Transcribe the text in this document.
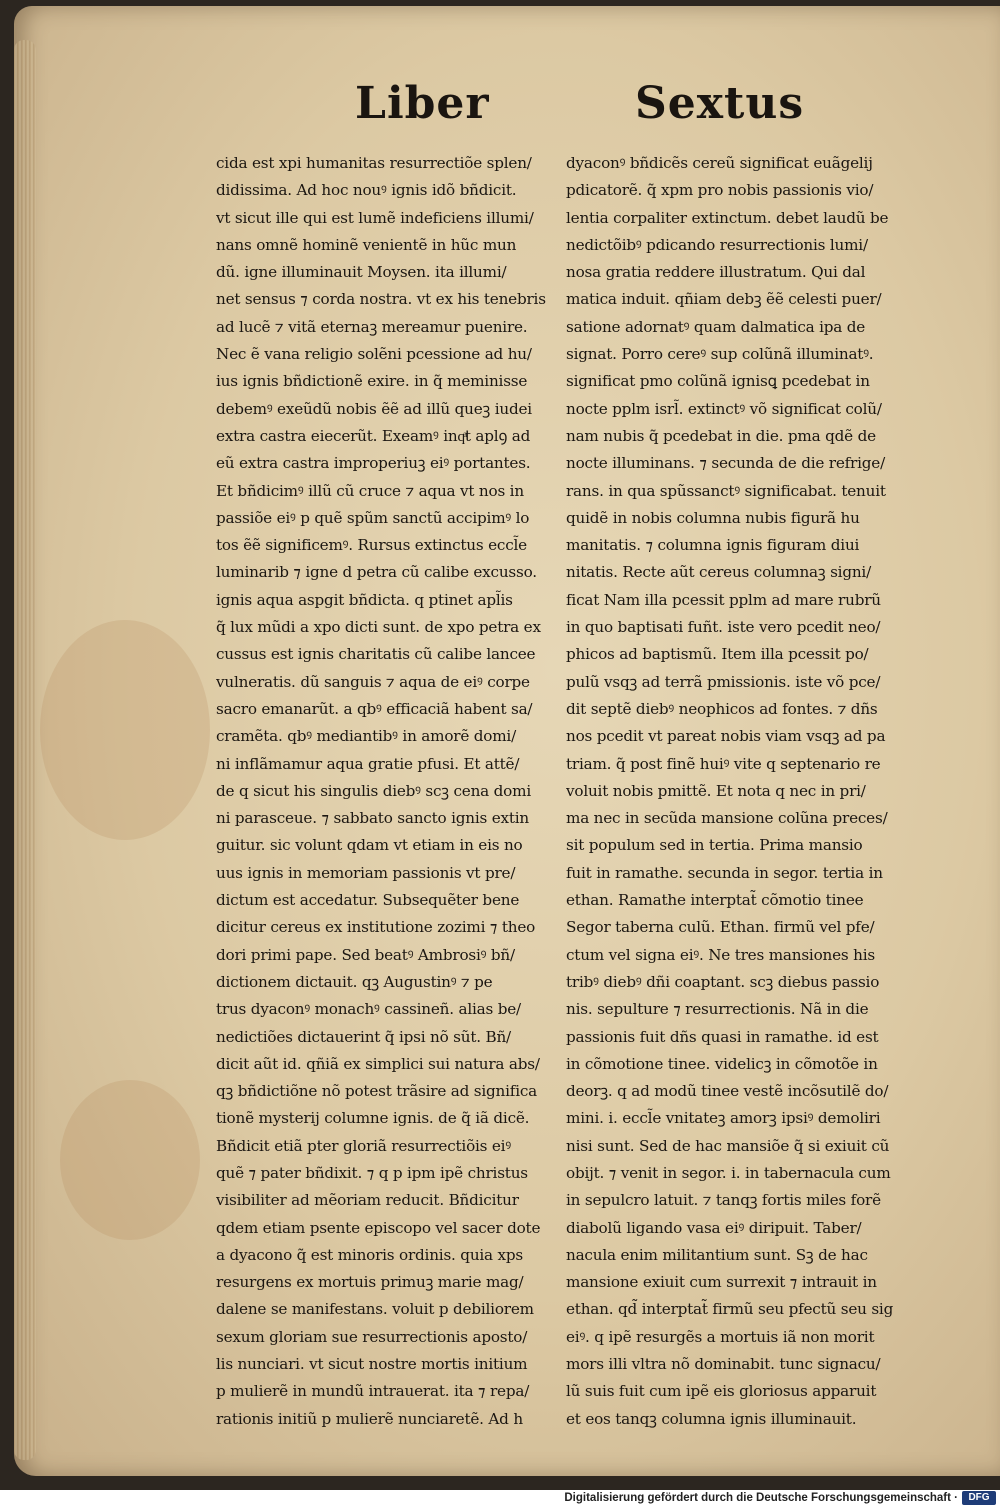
Liber	Sextus
cida est xpi humanitas resurrectiõe splen/
didissima. Ad hoc nouꝰ ignis idõ bñdicit.
vt sicut ille qui est lumẽ indeficiens illumi/
nans omnẽ hominẽ venientẽ in hũc mun
dũ. igne illuminauit Moysen. ita illumi/
net sensus ⁊ corda nostra. vt ex his tenebris
ad lucẽ ⁊ vitã eternaꝫ mereamur puenire.
Nec ẽ vana religio solẽni pcessione ad hu/
ius ignis bñdictionẽ exire. in q̃ meminisse
debemꝰ exeũdũ nobis ẽẽ ad illũ queꝫ iudei
extra castra eiecerũt. Exeamꝰ inqͣt aplꝯ ad
eũ extra castra improperiuꝫ eiꝰ portantes.
Et bñdicimꝰ illũ cũ cruce ⁊ aqua vt nos in
passiõe eiꝰ p quẽ spũm sanctũ accipimꝰ lo
tos ẽẽ significemꝰ. Rursus extinctus eccl̃e
luminarib ⁊ igne d petra cũ calibe excusso.
ignis aqua aspgit bñdicta. q ptinet apl̃is
q̃ lux mũdi a xpo dicti sunt. de xpo petra ex
cussus est ignis charitatis cũ calibe lancee
vulneratis. dũ sanguis ⁊ aqua de eiꝰ corpe
sacro emanarũt. a qbꝰ efficaciã habent sa/
cramẽta. qbꝰ mediantibꝰ in amorẽ domi/
ni inflãmamur aqua gratie pfusi. Et attẽ/
de q sicut his singulis diebꝰ scꝫ cena domi
ni parasceue. ⁊ sabbato sancto ignis extin
guitur. sic volunt qdam vt etiam in eis no
uus ignis in memoriam passionis vt pre/
dictum est accedatur. Subsequẽter bene
dicitur cereus ex institutione zozimi ⁊ theo
dori primi pape. Sed beatꝰ Ambrosiꝰ bñ/
dictionem dictauit. qꝫ Augustinꝰ ⁊ pe
trus dyaconꝰ monachꝰ cassineñ. alias be/
nedictiões dictauerint q̃ ipsi nõ sũt. Bñ/
dicit aũt id. qñiã ex simplici sui natura abs/
qꝫ bñdictiõne nõ potest trãsire ad significa
tionẽ mysterij columne ignis. de q̃ iã dicẽ.
Bñdicit etiã pter gloriã resurrectiõis eiꝰ
quẽ ⁊ pater bñdixit. ⁊ q p ipm ipẽ christus
visibiliter ad mẽoriam reducit. Bñdicitur
qdem etiam psente episcopo vel sacer dote
a dyacono q̃ est minoris ordinis. quia xps
resurgens ex mortuis primuꝫ marie mag/
dalene se manifestans. voluit p debiliorem
sexum gloriam sue resurrectionis aposto/
lis nunciari. vt sicut nostre mortis initium
p mulierẽ in mundũ intrauerat. ita ⁊ repa/
rationis initiũ p mulierẽ nunciaretẽ. Ad h
dyaconꝰ bñdicẽs cereũ significat euãgelij
pdicatorẽ. q̃ xpm pro nobis passionis vio/
lentia corpaliter extinctum. debet laudũ be
nedictõibꝰ pdicando resurrectionis lumi/
nosa gratia reddere illustratum. Qui dal
matica induit. qñiam debꝫ ẽẽ celesti puer/
satione adornatꝰ quam dalmatica ipa de
signat. Porro cereꝰ sup colũnã illuminatꝰ.
significat pmo colũnã ignisꝗ pcedebat in
nocte pplm isrl̃. extinctꝰ võ significat colũ/
nam nubis q̃ pcedebat in die. pma qdẽ de
nocte illuminans. ⁊ secunda de die refrige/
rans. in qua spũssanctꝰ significabat. tenuit
quidẽ in nobis columna nubis figurã hu
manitatis. ⁊ columna ignis figuram diui
nitatis. Recte aũt cereus columnaꝫ signi/
ficat Nam illa pcessit pplm ad mare rubrũ
in quo baptisati fuñt. iste vero pcedit neo/
phicos ad baptismũ. Item illa pcessit po/
pulũ vsqꝫ ad terrã pmissionis. iste võ pce/
dit septẽ diebꝰ neophicos ad fontes. ⁊ dñs
nos pcedit vt pareat nobis viam vsqꝫ ad pa
triam. q̃ post finẽ huiꝰ vite q septenario re
voluit nobis pmittẽ. Et nota q nec in pri/
ma nec in secũda mansione colũna preces/
sit populum sed in tertia. Prima mansio
fuit in ramathe. secunda in segor. tertia in
ethan. Ramathe interptat̃ cõmotio tinee
Segor taberna culũ. Ethan. firmũ vel pfe/
ctum vel signa eiꝰ. Ne tres mansiones his
tribꝰ diebꝰ dñi coaptant. scꝫ diebus passio
nis. sepulture ⁊ resurrectionis. Nã in die
passionis fuit dñs quasi in ramathe. id est
in cõmotione tinee. videlicꝫ in cõmotõe in
deorꝫ. q ad modũ tinee vestẽ incõsutilẽ do/
mini. i. eccl̃e vnitateꝫ amorꝫ ipsiꝰ demoliri
nisi sunt. Sed de hac mansiõe q̃ si exiuit cũ
obijt. ⁊ venit in segor. i. in tabernacula cum
in sepulcro latuit. ⁊ tanqꝫ fortis miles forẽ
diabolũ ligando vasa eiꝰ diripuit. Taber/
nacula enim militantium sunt. Sꝫ de hac
mansione exiuit cum surrexit ⁊ intrauit in
ethan. qd̃ interptat̃ firmũ seu pfectũ seu sig
eiꝰ. q ipẽ resurgẽs a mortuis iã non morit
mors illi vltra nõ dominabit. tunc signacu/
lũ suis fuit cum ipẽ eis gloriosus apparuit
et eos tanqꝫ columna ignis illuminauit.
Digitalisierung gefördert durch die Deutsche Forschungsgemeinschaft ·	DFG
